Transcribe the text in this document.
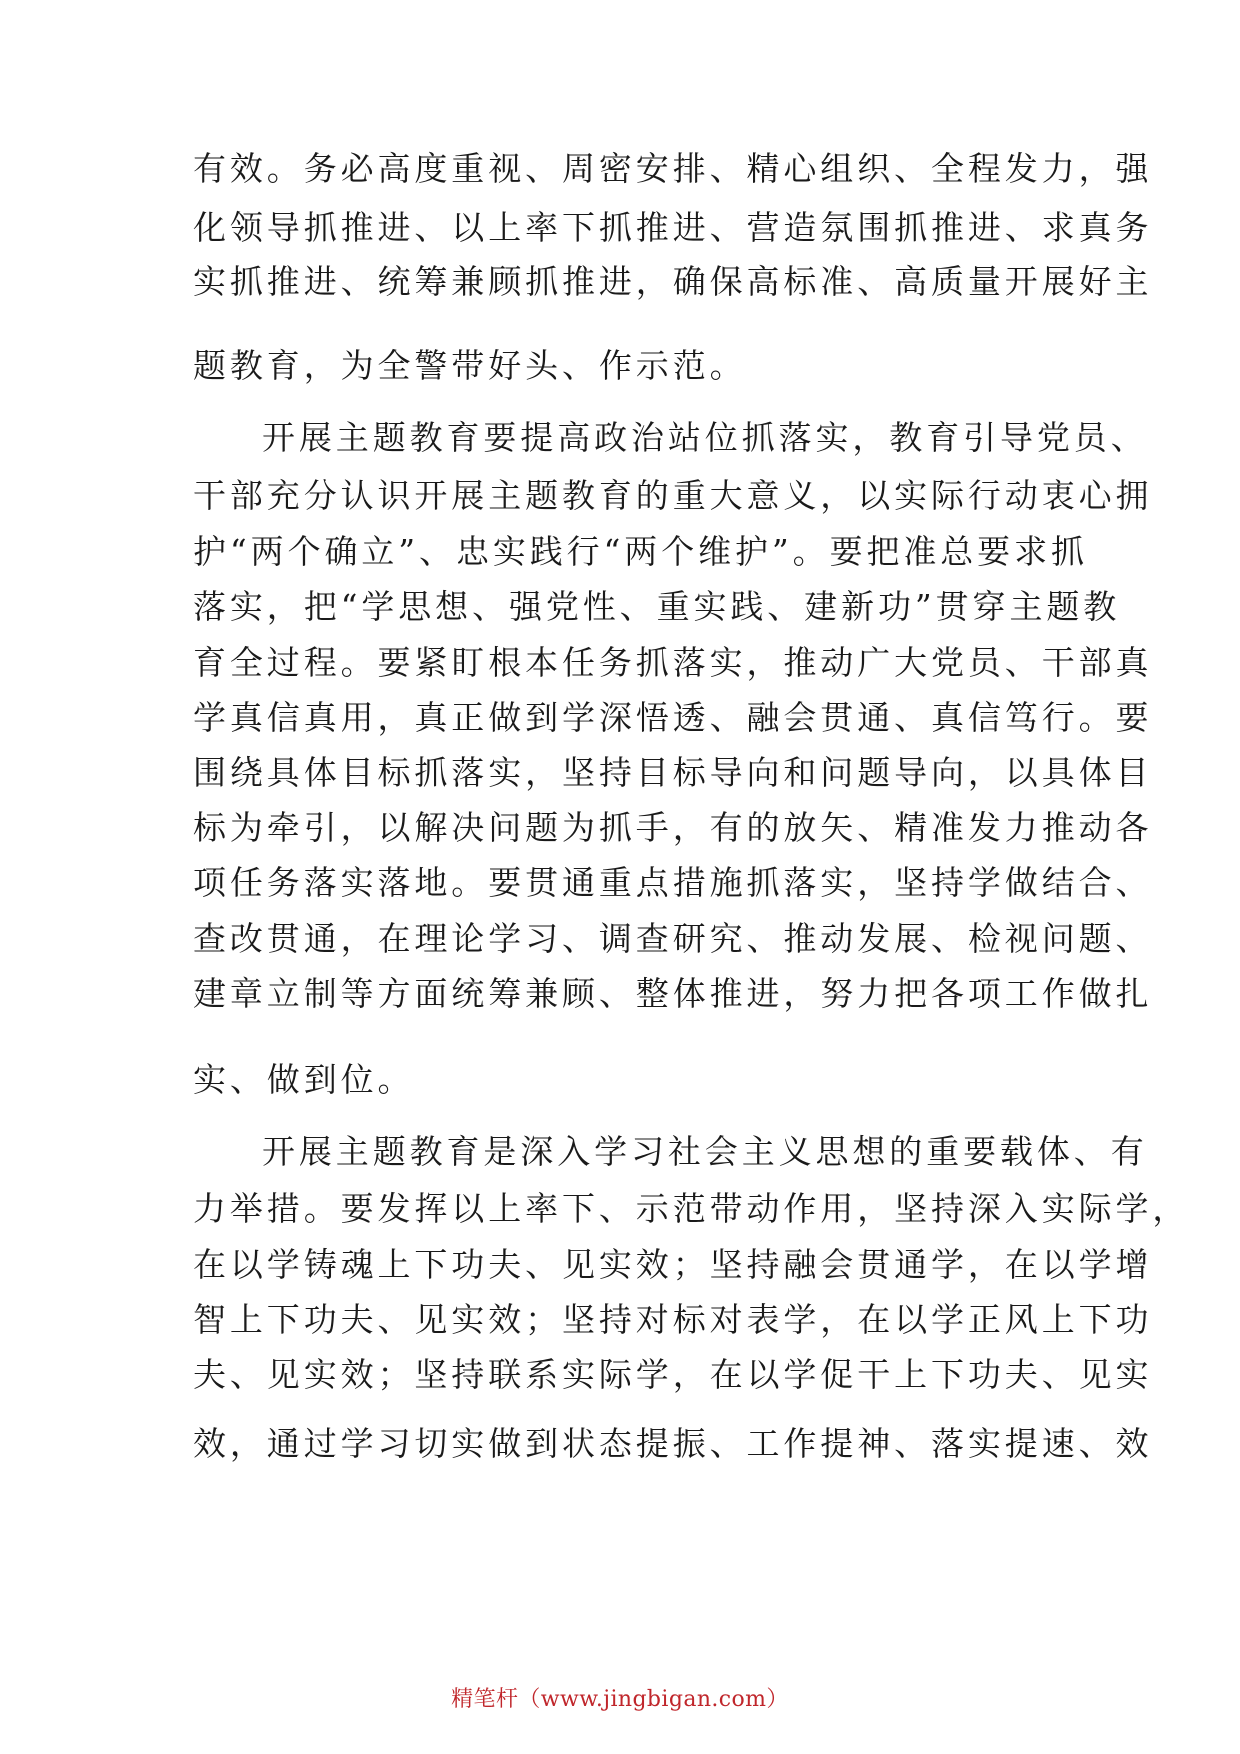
有效。务必高度重视、周密安排、精心组织、全程发力，强
化领导抓推进、以上率下抓推进、营造氛围抓推进、求真务
实抓推进、统筹兼顾抓推进，确保高标准、高质量开展好主
题教育，为全警带好头、作示范。
开展主题教育要提高政治站位抓落实，教育引导党员、
干部充分认识开展主题教育的重大意义，以实际行动衷心拥
护“两个确立”、忠实践行“两个维护”。要把准总要求抓
落实，把“学思想、强党性、重实践、建新功”贯穿主题教
育全过程。要紧盯根本任务抓落实，推动广大党员、干部真
学真信真用，真正做到学深悟透、融会贯通、真信笃行。要
围绕具体目标抓落实，坚持目标导向和问题导向，以具体目
标为牵引，以解决问题为抓手，有的放矢、精准发力推动各
项任务落实落地。要贯通重点措施抓落实，坚持学做结合、
查改贯通，在理论学习、调查研究、推动发展、检视问题、
建章立制等方面统筹兼顾、整体推进，努力把各项工作做扎
实、做到位。
开展主题教育是深入学习社会主义思想的重要载体、有
力举措。要发挥以上率下、示范带动作用，坚持深入实际学，
在以学铸魂上下功夫、见实效；坚持融会贯通学，在以学增
智上下功夫、见实效；坚持对标对表学，在以学正风上下功
夫、见实效；坚持联系实际学，在以学促干上下功夫、见实
效，通过学习切实做到状态提振、工作提神、落实提速、效
精笔杆（www.jingbigan.com）
